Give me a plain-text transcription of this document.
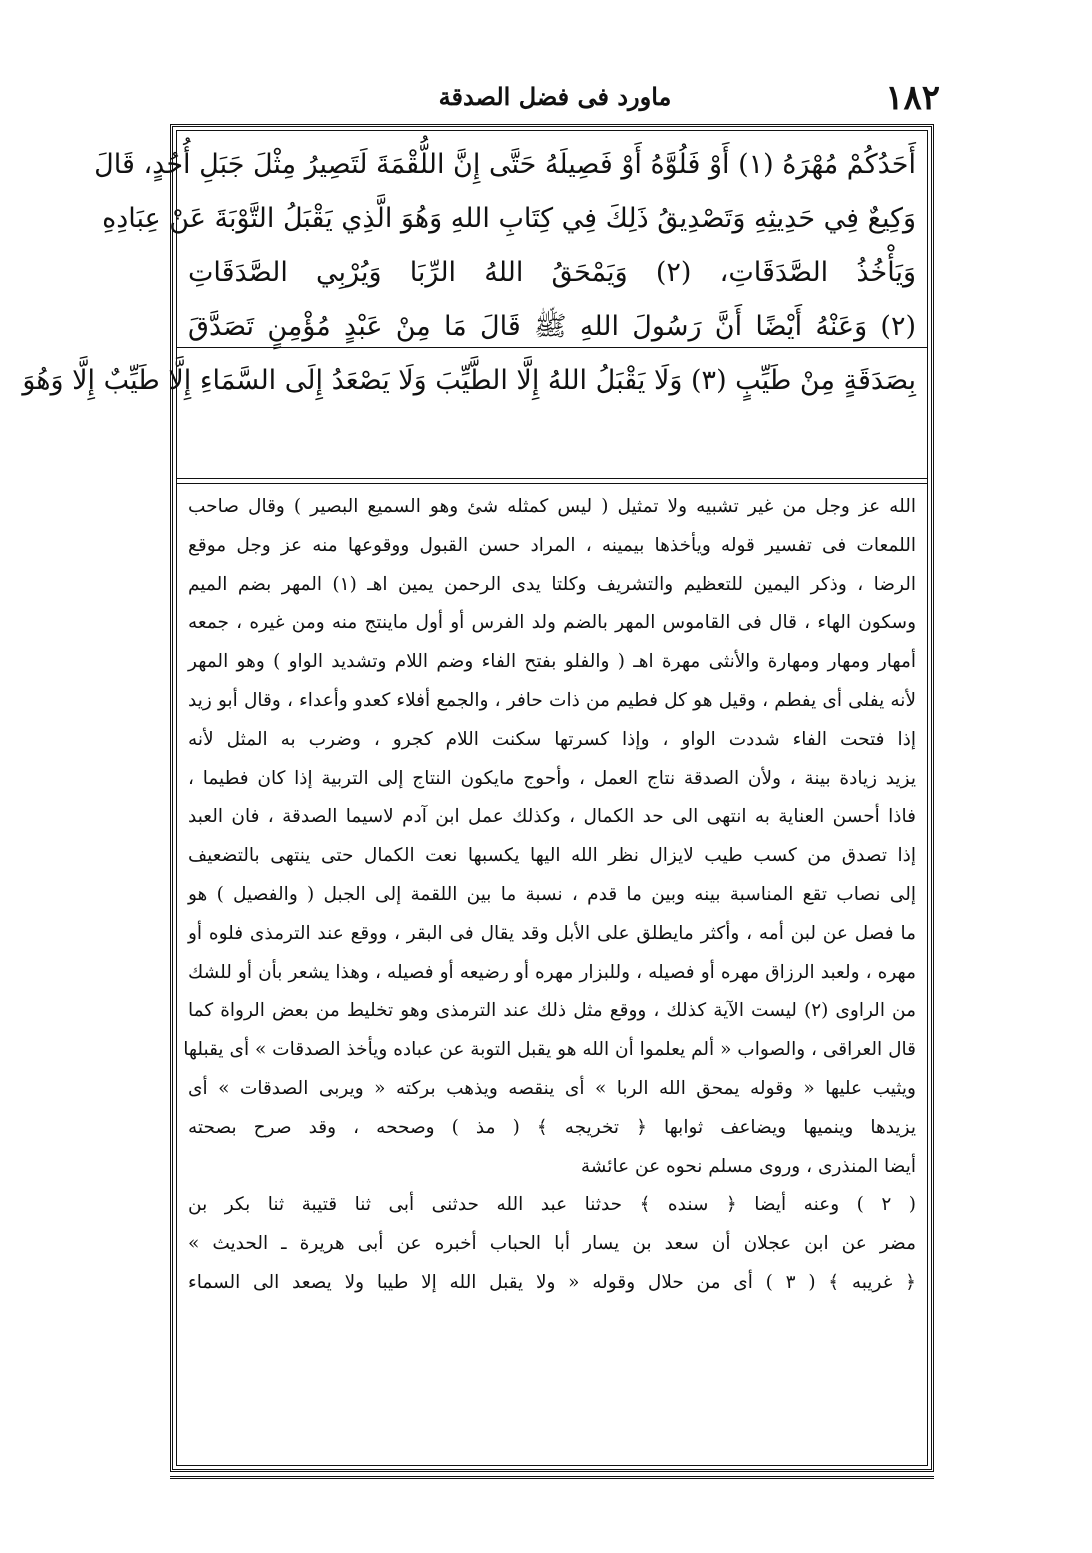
١٨٢
ماورد فى فضل الصدقة
أَحَدُكُمْ مُهْرَهُ (١) أَوْ فَلُوَّهُ أَوْ فَصِيلَهُ حَتَّى إِنَّ اللُّقْمَةَ لَتَصِيرُ مِثْلَ جَبَلِ أُحُدٍ، قَالَ
وَكِيعٌ فِي حَدِيثِهِ وَتَصْدِيقُ ذَلِكَ فِي كِتَابِ اللهِ وَهُوَ الَّذِي يَقْبَلُ التَّوْبَةَ عَنْ عِبَادِهِ
وَيَأْخُذُ الصَّدَقَاتِ، (٢) وَيَمْحَقُ اللهُ الرِّبَا وَيُرْبِي الصَّدَقَاتِ
(٢) وَعَنْهُ أَيْضًا أَنَّ رَسُولَ اللهِ ﷺ قَالَ مَا مِنْ عَبْدٍ مُؤْمِنٍ تَصَدَّقَ
بِصَدَقَةٍ مِنْ طَيِّبٍ (٣) وَلَا يَقْبَلُ اللهُ إِلَّا الطَّيِّبَ وَلَا يَصْعَدُ إِلَى السَّمَاءِ إِلَّا طَيِّبٌ إِلَّا وَهُوَ
الله عز وجل من غير تشبيه ولا تمثيل ( ليس كمثله شئ وهو السميع البصير ) وقال صاحب
اللمعات فى تفسير قوله ويأخذها بيمينه ، المراد حسن القبول ووقوعها منه عز وجل موقع
الرضا ، وذكر اليمين للتعظيم والتشريف وكلتا يدى الرحمن يمين اهـ (١) المهر بضم الميم
وسكون الهاء ، قال فى القاموس المهر بالضم ولد الفرس أو أول ماينتج منه ومن غيره ، جمعه
أمهار ومهار ومهارة والأنثى مهرة اهـ ( والفلو بفتح الفاء وضم اللام وتشديد الواو ) وهو المهر
لأنه يفلى أى يفطم ، وقيل هو كل فطيم من ذات حافر ، والجمع أفلاء كعدو وأعداء ، وقال أبو زيد
إذا فتحت الفاء شددت الواو ، وإذا كسرتها سكنت اللام كجرو ، وضرب به المثل لأنه
يزيد زيادة بينة ، ولأن الصدقة نتاج العمل ، وأحوج مايكون النتاج إلى التربية إذا كان فطيما ،
فاذا أحسن العناية به انتهى الى حد الكمال ، وكذلك عمل ابن آدم لاسيما الصدقة ، فان العبد
إذا تصدق من كسب طيب لايزال نظر الله اليها يكسبها نعت الكمال حتى ينتهى بالتضعيف
إلى نصاب تقع المناسبة بينه وبين ما قدم ، نسبة ما بين اللقمة إلى الجبل ( والفصيل ) هو
ما فصل عن لبن أمه ، وأكثر مايطلق على الأبل وقد يقال فى البقر ، ووقع عند الترمذى فلوه أو
مهره ، ولعبد الرزاق مهره أو فصيله ، وللبزار مهره أو رضيعه أو فصيله ، وهذا يشعر بأن أو للشك
من الراوى (٢) ليست الآية كذلك ، ووقع مثل ذلك عند الترمذى وهو تخليط من بعض الرواة كما
قال العراقى ، والصواب « ألم يعلموا أن الله هو يقبل التوبة عن عباده ويأخذ الصدقات » أى يقبلها
ويثيب عليها « وقوله يمحق الله الربا » أى ينقصه ويذهب بركته « ويربى الصدقات » أى
يزيدها وينميها ويضاعف ثوابها ﴿ تخريجه ﴾ ( مذ ) وصححه ، وقد صرح بصحته
أيضا المنذرى ، وروى مسلم نحوه عن عائشة
( ٢ ) وعنه أيضا ﴿ سنده ﴾ حدثنا عبد الله حدثنى أبى ثنا قتيبة ثنا بكر بن
مضر عن ابن عجلان أن سعد بن يسار أبا الحباب أخبره عن أبى هريرة ـ الحديث »
﴿ غريبه ﴾ ( ٣ ) أى من حلال وقوله « ولا يقبل الله إلا طيبا ولا يصعد الى السماء
